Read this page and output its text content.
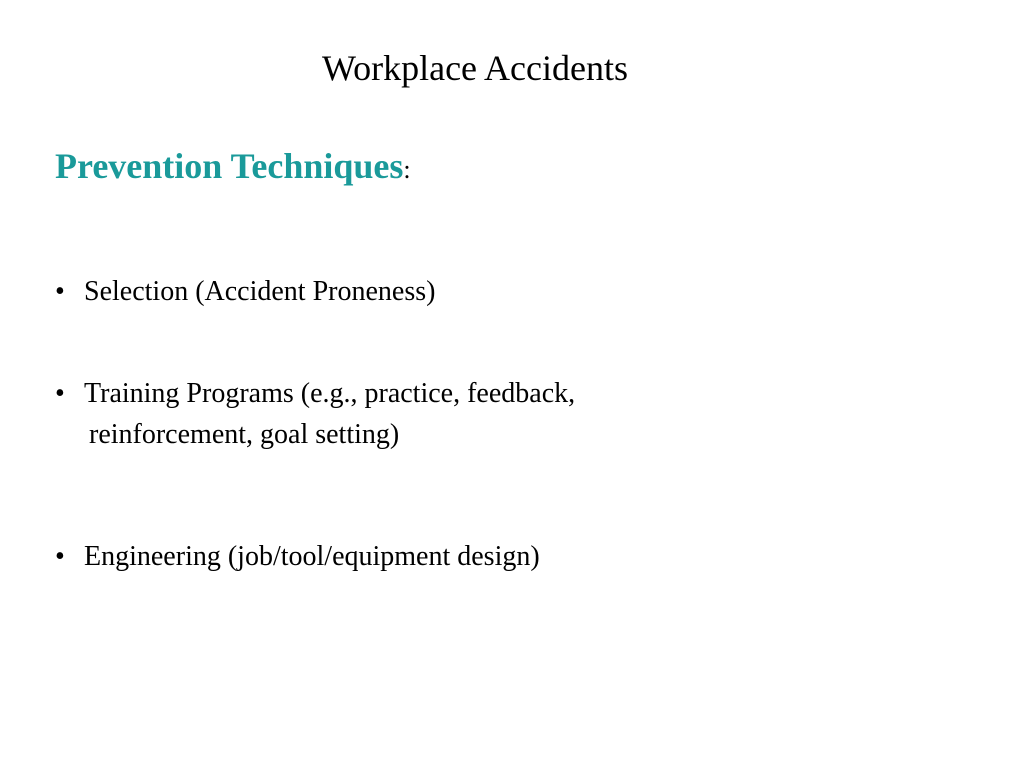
Workplace Accidents
Prevention Techniques:
• Selection (Accident Proneness)
• Training Programs (e.g., practice, feedback,
reinforcement, goal setting)
• Engineering (job/tool/equipment design)
